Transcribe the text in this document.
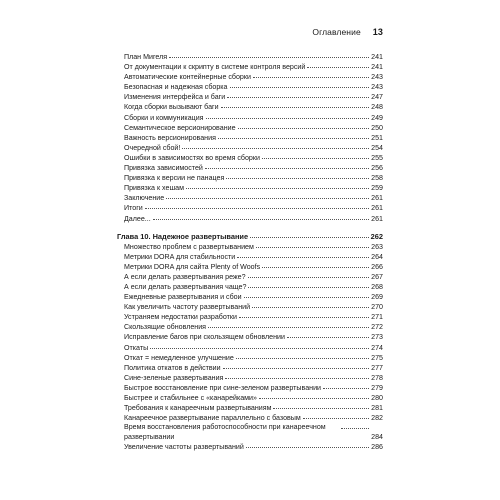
Оглавление 13
План Мигеля	241
От документации к скрипту в системе контроля версий	241
Автоматические контейнерные сборки	243
Безопасная и надежная сборка	243
Изменения интерфейса и баги	247
Когда сборки вызывают баги	248
Сборки и коммуникация	249
Семантическое версионирование	250
Важность версионирования	251
Очередной сбой!	254
Ошибки в зависимостях во время сборки	255
Привязка зависимостей	256
Привязка к версии не панацея	258
Привязка к хешам	259
Заключение	261
Итоги	261
Далее...	261
Глава 10. Надежное развертывание	262
Множество проблем с развертыванием	263
Метрики DORA для стабильности	264
Метрики DORA для сайта Plenty of Woofs	266
А если делать развертывания реже?	267
А если делать развертывания чаще?	268
Ежедневные развертывания и сбои	269
Как увеличить частоту развертываний	270
Устраняем недостатки разработки	271
Скользящие обновления	272
Исправление багов при скользящем обновлении	273
Откаты	274
Откат = немедленное улучшение	275
Политика откатов в действии	277
Сине-зеленые развертывания	278
Быстрое восстановление при сине-зеленом развертывании	279
Быстрее и стабильнее с «канарейками»	280
Требования к канареечным развертываниям	281
Канареечное развертывание параллельно с базовым	282
Время восстановления работоспособности при канареечном развертывании	284
Увеличение частоты развертываний	286
